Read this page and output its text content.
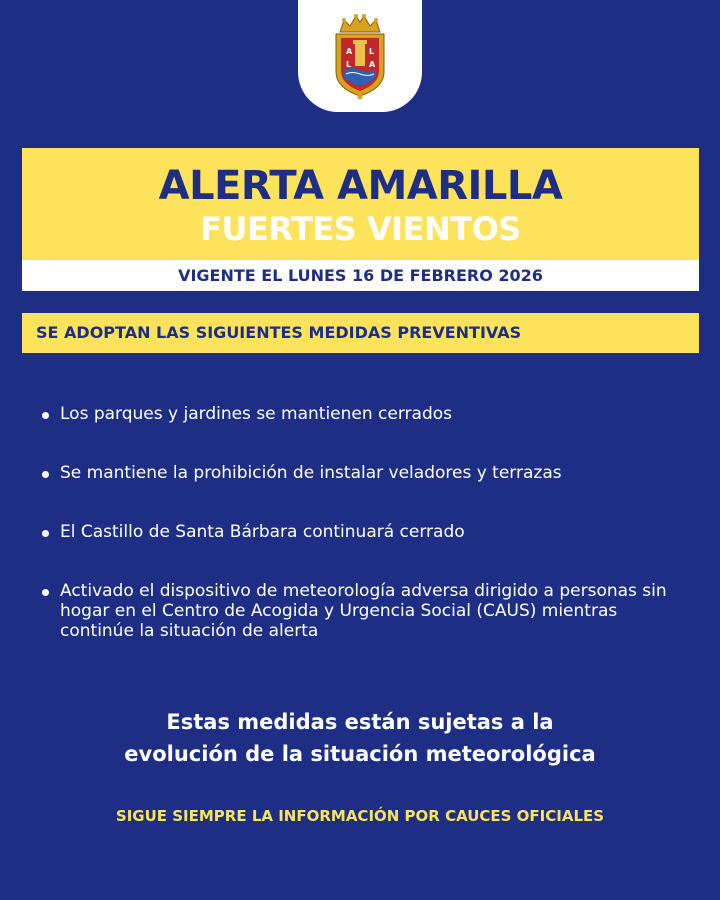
A L
L A
ALERTA AMARILLA
FUERTES VIENTOS
VIGENTE EL LUNES 16 DE FEBRERO 2026
SE ADOPTAN LAS SIGUIENTES MEDIDAS PREVENTIVAS
Los parques y jardines se mantienen cerrados
Se mantiene la prohibición de instalar veladores y terrazas
El Castillo de Santa Bárbara continuará cerrado
Activado el dispositivo de meteorología adversa dirigido a personas sin hogar en el Centro de Acogida y Urgencia Social (CAUS) mientras continúe la situación de alerta
Estas medidas están sujetas a la
evolución de la situación meteorológica
SIGUE SIEMPRE LA INFORMACIÓN POR CAUCES OFICIALES
